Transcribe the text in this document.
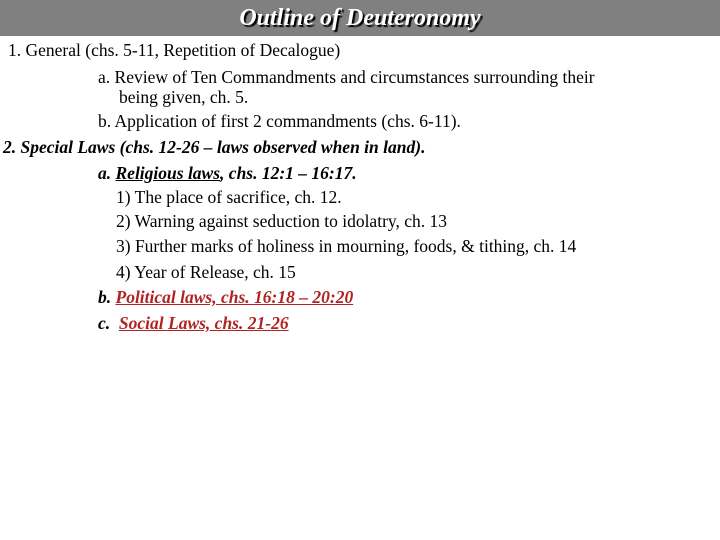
Outline of Deuteronomy
1. General (chs. 5-11, Repetition of Decalogue)
a. Review of Ten Commandments and circumstances surrounding their
being given, ch. 5.
b. Application of first 2 commandments (chs. 6-11).
2. Special Laws (chs. 12-26 – laws observed when in land).
a. Religious laws, chs. 12:1 – 16:17.
1) The place of sacrifice, ch. 12.
2) Warning against seduction to idolatry, ch. 13
3) Further marks of holiness in mourning, foods, & tithing, ch. 14
4) Year of Release, ch. 15
b. Political laws, chs. 16:18 – 20:20
c. Social Laws, chs. 21-26
